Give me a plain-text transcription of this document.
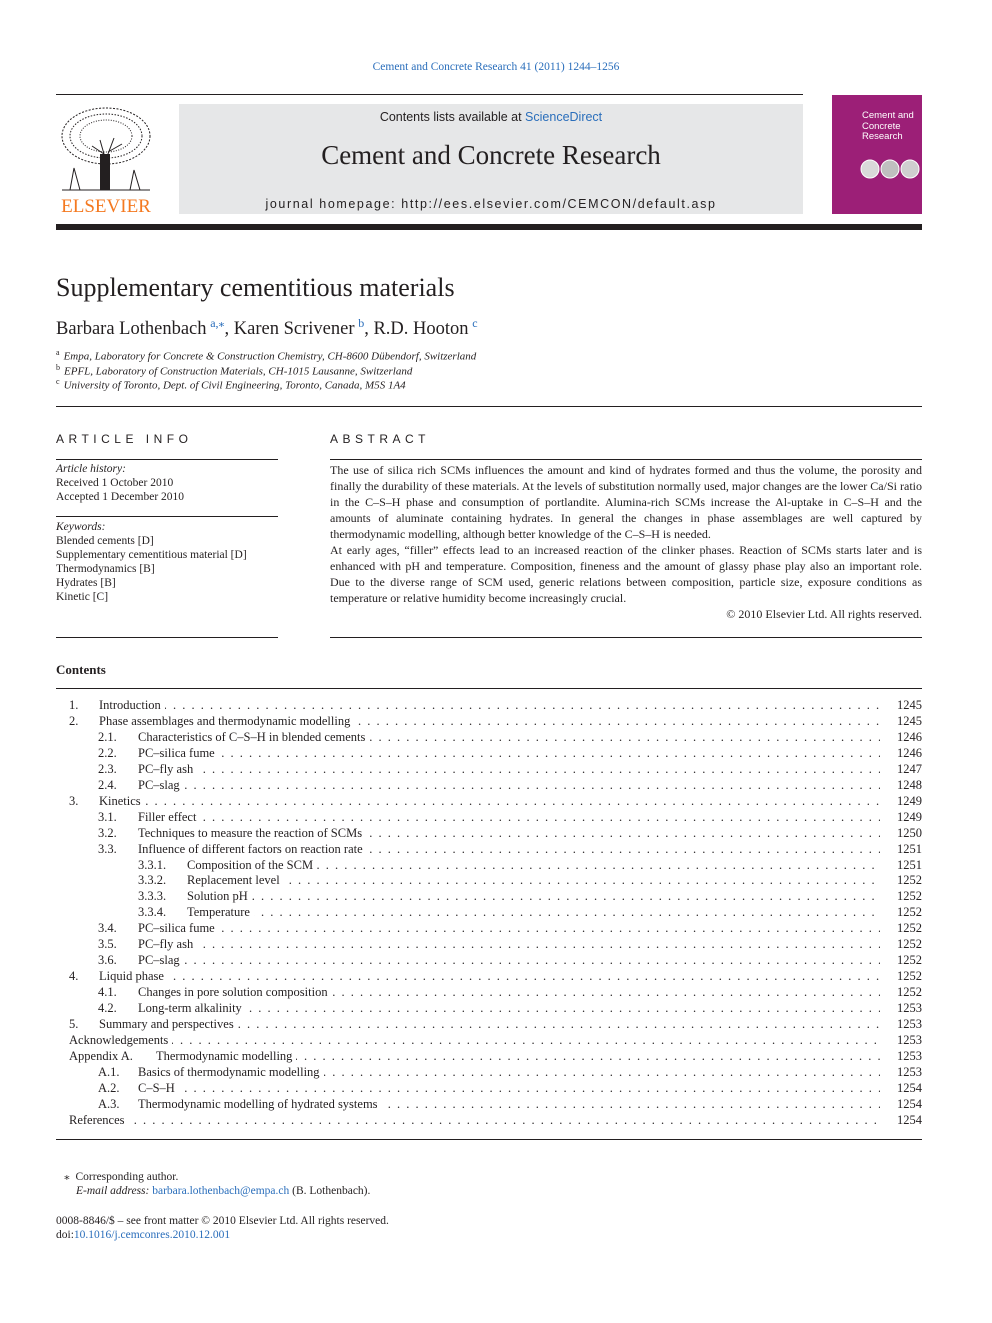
Cement and Concrete Research 41 (2011) 1244–1256
ELSEVIER
Contents lists available at ScienceDirect
Cement and Concrete Research
journal homepage: http://ees.elsevier.com/CEMCON/default.asp
Cement and Concrete Research
Supplementary cementitious materials
Barbara Lothenbach  $^{a,⁎}$, Karen Scrivener  $^b$, R.D. Hooton  $^c$
$^a$ Empa, Laboratory for Concrete & Construction Chemistry, CH-8600 Dübendorf, Switzerland
$^b$ EPFL, Laboratory of Construction Materials, CH-1015 Lausanne, Switzerland
$^c$ University of Toronto, Dept. of Civil Engineering, Toronto, Canada, M5S 1A4
ARTICLE INFO	ABSTRACT
Article history:
Received 1 October 2010
Accepted 1 December 2010
Keywords:
Blended cements [D]
Supplementary cementitious material [D]
Thermodynamics [B]
Hydrates [B]
Kinetic [C]

The use of silica rich SCMs influences the amount and kind of hydrates formed and thus the volume, the porosity and finally the durability of these materials. At the levels of substitution normally used, major changes are the lower Ca/Si ratio in the C–S–H phase and consumption of portlandite. Alumina-rich SCMs increase the Al-uptake in C–S–H and the amounts of aluminate containing hydrates. In general the changes in phase assemblages are well captured by thermodynamic modelling, although better knowledge of the C–S–H is needed.

At early ages, “filler” effects lead to an increased reaction of the clinker phases. Reaction of SCMs starts later and is enhanced with pH and temperature. Composition, fineness and the amount of glassy phase play also an important role. Due to the diverse range of SCM used, generic relations between composition, particle size, exposure conditions as temperature or relative humidity become increasingly crucial.

© 2010 Elsevier Ltd. All rights reserved.

Contents
1. Introduction . . .	1245
2. Phase assemblages and thermodynamic modelling . . .	1245
2.1. Characteristics of C–S–H in blended cements . . .	1246
2.2. PC–silica fume . . .	1246
2.3. PC–fly ash . . .	1247
2.4. PC–slag . . .	1248
3. Kinetics . . .	1249
3.1. Filler effect . . .	1249
3.2. Techniques to measure the reaction of SCMs . . .	1250
3.3. Influence of different factors on reaction rate . . .	1251
3.3.1. Composition of the SCM . . .	1251
3.3.2. Replacement level . . .	1252
3.3.3. Solution pH . . .	1252
3.3.4. Temperature . . .	1252
3.4. PC–silica fume . . .	1252
3.5. PC–fly ash . . .	1252
3.6. PC–slag . . .	1252
4. Liquid phase . . .	1252
4.1. Changes in pore solution composition . . .	1252
4.2. Long-term alkalinity . . .	1253
5. Summary and perspectives . . .	1253
Acknowledgements . . .	1253
Appendix A. Thermodynamic modelling . . .	1253
A.1. Basics of thermodynamic modelling . . .	1253
A.2. C–S–H . . .	1254
A.3. Thermodynamic modelling of hydrated systems . . .	1254
References . . .	1254
⁎ Corresponding author.
E-mail address: barbara.lothenbach@empa.ch (B. Lothenbach).
0008-8846/$ – see front matter © 2010 Elsevier Ltd. All rights reserved.
doi:10.1016/j.cemconres.2010.12.001
